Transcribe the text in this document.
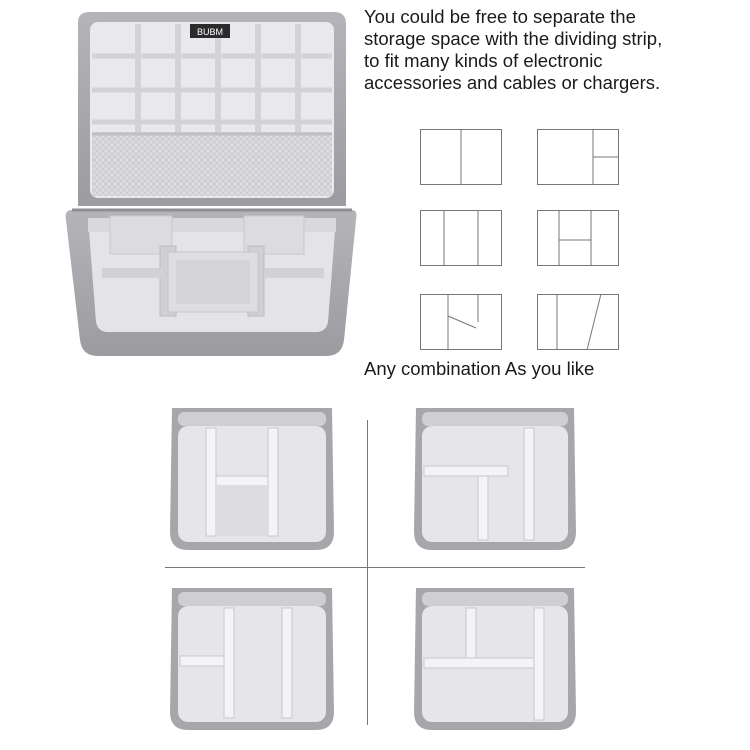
BUBM
You could be free to separate the
storage space with the dividing strip,
to fit many kinds of electronic
accessories and cables or chargers.
Any combination As you like
